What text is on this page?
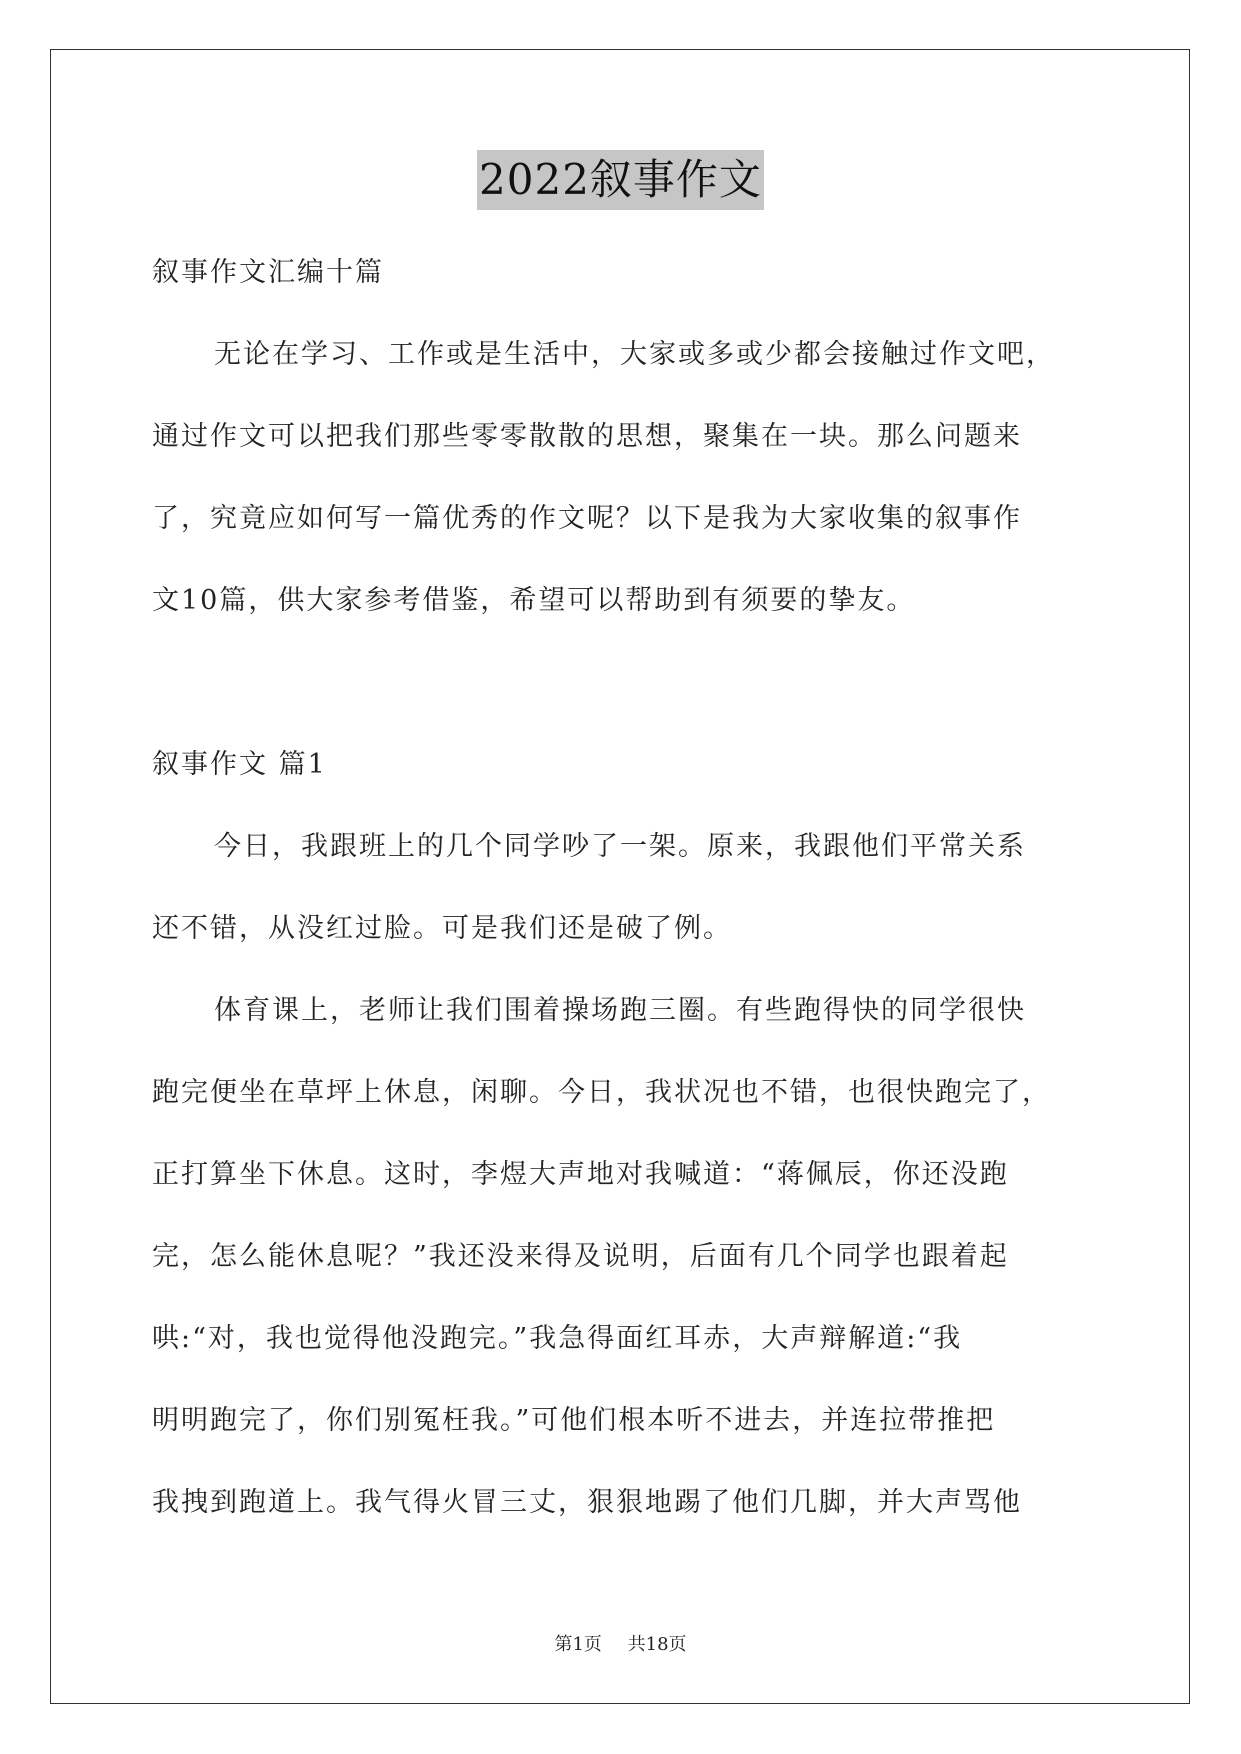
2022叙事作文
叙事作文汇编十篇
无论在学习、工作或是生活中，大家或多或少都会接触过作文吧，
通过作文可以把我们那些零零散散的思想，聚集在一块。那么问题来
了，究竟应如何写一篇优秀的作文呢？以下是我为大家收集的叙事作
文10篇，供大家参考借鉴，希望可以帮助到有须要的挚友。
叙事作文 篇1
今日，我跟班上的几个同学吵了一架。原来，我跟他们平常关系
还不错，从没红过脸。可是我们还是破了例。
体育课上，老师让我们围着操场跑三圈。有些跑得快的同学很快
跑完便坐在草坪上休息，闲聊。今日，我状况也不错，也很快跑完了，
正打算坐下休息。这时，李煜大声地对我喊道：“蒋佩辰，你还没跑
完，怎么能休息呢？”我还没来得及说明，后面有几个同学也跟着起
哄:“对，我也觉得他没跑完。”我急得面红耳赤，大声辩解道:“我
明明跑完了，你们别冤枉我。”可他们根本听不进去，并连拉带推把
我拽到跑道上。我气得火冒三丈，狠狠地踢了他们几脚，并大声骂他
第1页 共18页
